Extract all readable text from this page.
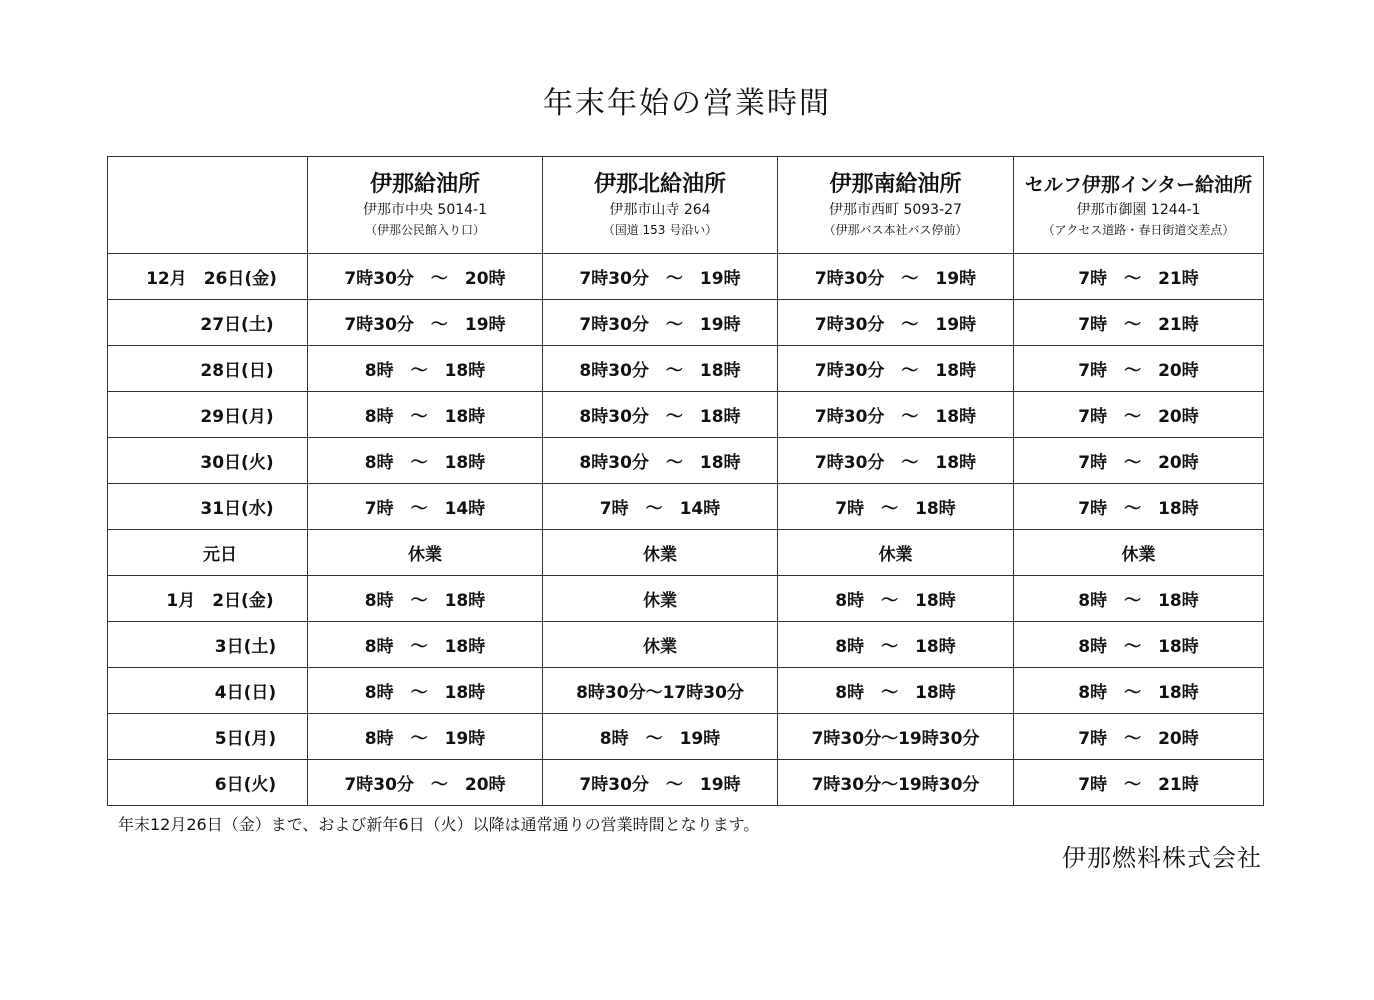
年末年始の営業時間

	伊那給油所
伊那市中央 5014-1
（伊那公民館入り口）	伊那北給油所
伊那市山寺 264
（国道 153 号沿い）	伊那南給油所
伊那市西町 5093-27
（伊那バス本社バス停前）	セルフ伊那インター給油所
伊那市御園 1244-1
（アクセス道路・春日街道交差点）

12月　26日(金)	7時30分　～　20時	7時30分　～　19時	7時30分　～　19時	7時　～　21時
　　　27日(土)	7時30分　～　19時	7時30分　～　19時	7時30分　～　19時	7時　～　21時
　　　28日(日)	8時　～　18時	8時30分　～　18時	7時30分　～　18時	7時　～　20時
　　　29日(月)	8時　～　18時	8時30分　～　18時	7時30分　～　18時	7時　～　20時
　　　30日(火)	8時　～　18時	8時30分　～　18時	7時30分　～　18時	7時　～　20時
　　　31日(水)	7時　～　14時	7時　～　14時	7時　～　18時	7時　～　18時
　元日	休業	休業	休業	休業
　1月　2日(金)	8時　～　18時	休業	8時　～　18時	8時　～　18時
　　　　3日(土)	8時　～　18時	休業	8時　～　18時	8時　～　18時
　　　　4日(日)	8時　～　18時	8時30分～17時30分	8時　～　18時	8時　～　18時
　　　　5日(月)	8時　～　19時	8時　～　19時	7時30分～19時30分	7時　～　20時
　　　　6日(火)	7時30分　～　20時	7時30分　～　19時	7時30分～19時30分	7時　～　21時
年末12月26日（金）まで、および新年6日（火）以降は通常通りの営業時間となります。
伊那燃料株式会社
